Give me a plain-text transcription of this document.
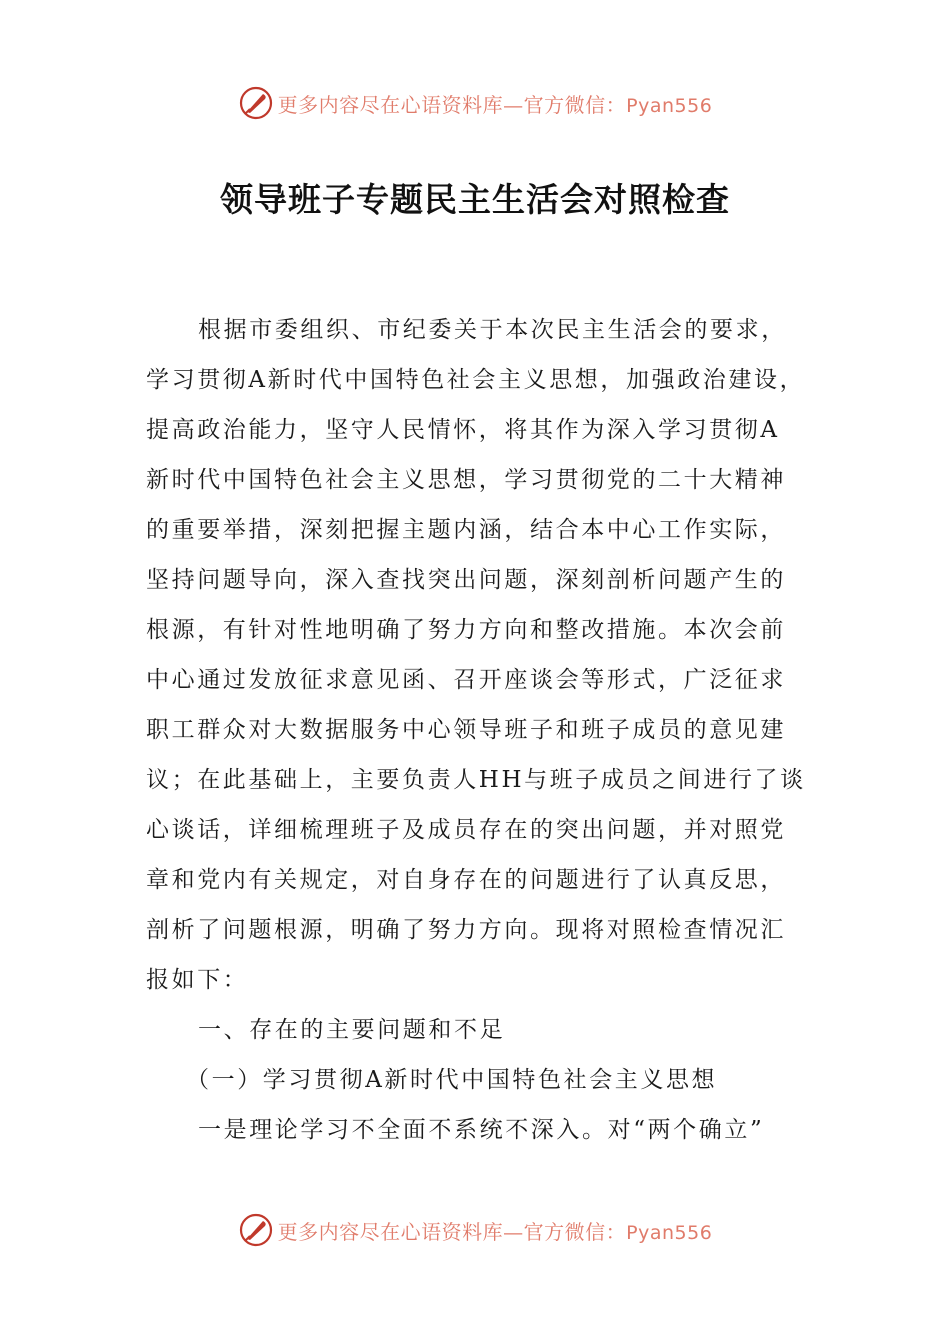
更多内容尽在心语资料库—官方微信：Pyan556
领导班子专题民主生活会对照检查
根据市委组织、市纪委关于本次民主生活会的要求，
学习贯彻A新时代中国特色社会主义思想，加强政治建设，
提高政治能力，坚守人民情怀，将其作为深入学习贯彻A
新时代中国特色社会主义思想，学习贯彻党的二十大精神
的重要举措，深刻把握主题内涵，结合本中心工作实际，
坚持问题导向，深入查找突出问题，深刻剖析问题产生的
根源，有针对性地明确了努力方向和整改措施。本次会前
中心通过发放征求意见函、召开座谈会等形式，广泛征求
职工群众对大数据服务中心领导班子和班子成员的意见建
议；在此基础上，主要负责人HH与班子成员之间进行了谈
心谈话，详细梳理班子及成员存在的突出问题，并对照党
章和党内有关规定，对自身存在的问题进行了认真反思，
剖析了问题根源，明确了努力方向。现将对照检查情况汇
报如下：
一、存在的主要问题和不足
（一）学习贯彻A新时代中国特色社会主义思想
一是理论学习不全面不系统不深入。对“两个确立”
更多内容尽在心语资料库—官方微信：Pyan556
